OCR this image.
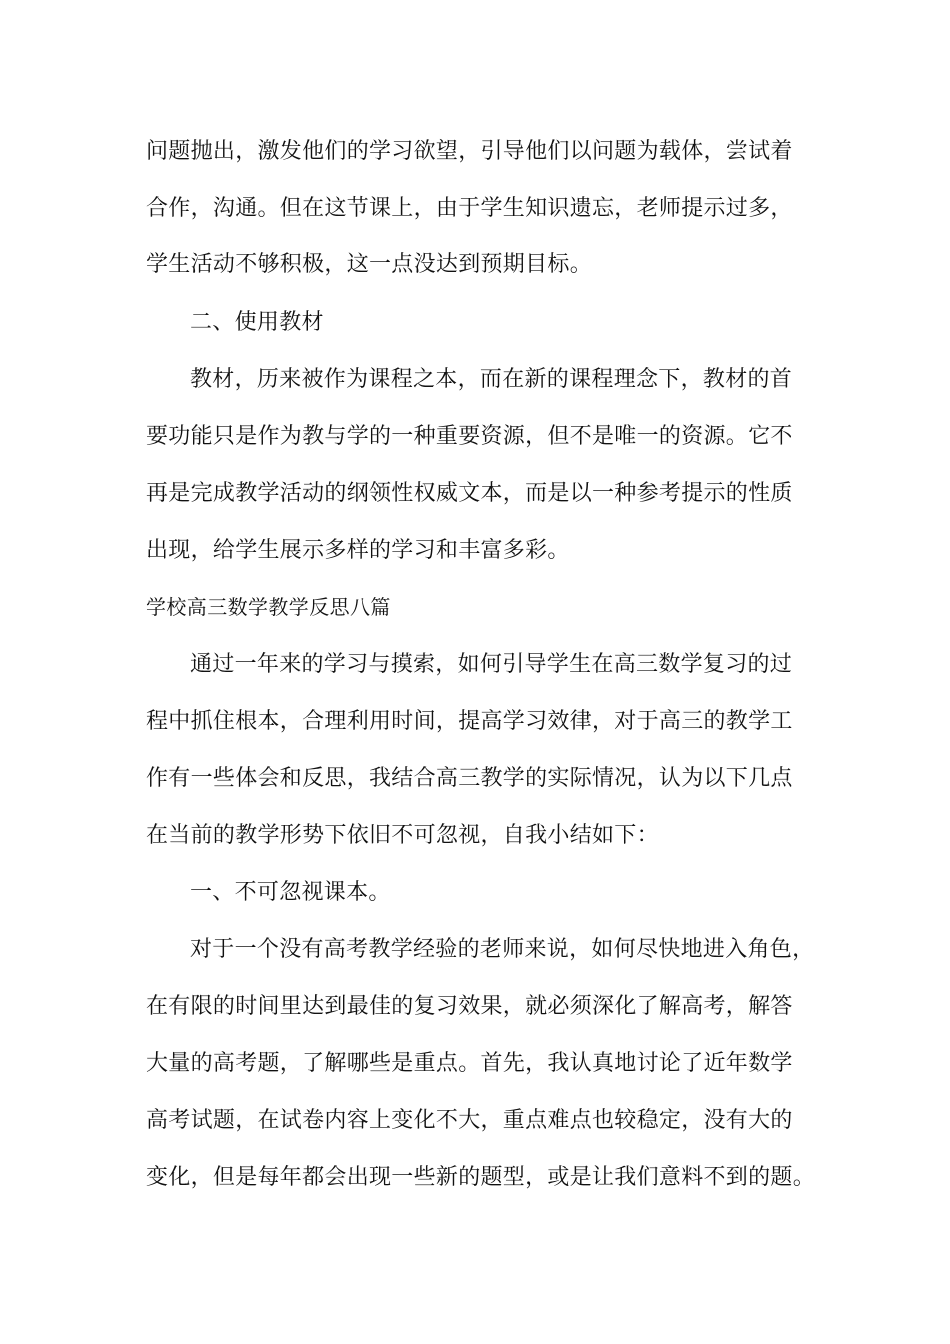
问题抛出，激发他们的学习欲望，引导他们以问题为载体，尝试着
合作，沟通。但在这节课上，由于学生知识遗忘，老师提示过多，
学生活动不够积极，这一点没达到预期目标。
二、使用教材
教材，历来被作为课程之本，而在新的课程理念下，教材的首
要功能只是作为教与学的一种重要资源，但不是唯一的资源。它不
再是完成教学活动的纲领性权威文本，而是以一种参考提示的性质
出现，给学生展示多样的学习和丰富多彩。
学校高三数学教学反思八篇
通过一年来的学习与摸索，如何引导学生在高三数学复习的过
程中抓住根本，合理利用时间，提高学习效律，对于高三的教学工
作有一些体会和反思，我结合高三教学的实际情况，认为以下几点
在当前的教学形势下依旧不可忽视，自我小结如下：
一、不可忽视课本。
对于一个没有高考教学经验的老师来说，如何尽快地进入角色，
在有限的时间里达到最佳的复习效果，就必须深化了解高考，解答
大量的高考题，了解哪些是重点。首先，我认真地讨论了近年数学
高考试题，在试卷内容上变化不大，重点难点也较稳定，没有大的
变化，但是每年都会出现一些新的题型，或是让我们意料不到的题。
